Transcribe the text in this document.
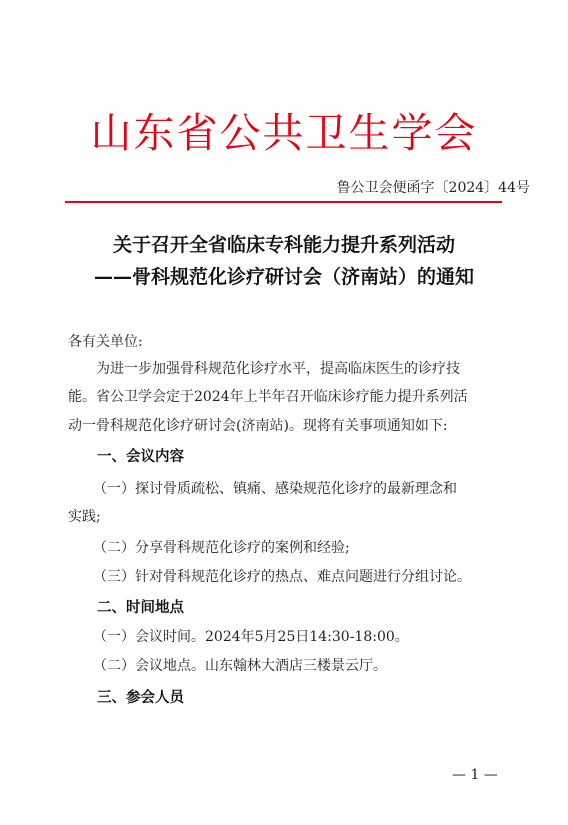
山东省公共卫生学会
鲁公卫会便函字〔2024〕44号
关于召开全省临床专科能力提升系列活动
——骨科规范化诊疗研讨会（济南站）的通知
各有关单位:
为进一步加强骨科规范化诊疗水平，提高临床医生的诊疗技
能。省公卫学会定于2024年上半年召开临床诊疗能力提升系列活
动一骨科规范化诊疗研讨会(济南站)。现将有关事项通知如下:
一、会议内容
（一）探讨骨质疏松、镇痛、感染规范化诊疗的最新理念和
实践;
（二）分享骨科规范化诊疗的案例和经验;
（三）针对骨科规范化诊疗的热点、难点问题进行分组讨论。
二、时间地点
（一）会议时间。2024年5月25日14:30-18:00。
（二）会议地点。山东翰林大酒店三楼景云厅。
三、参会人员
— 1 —
